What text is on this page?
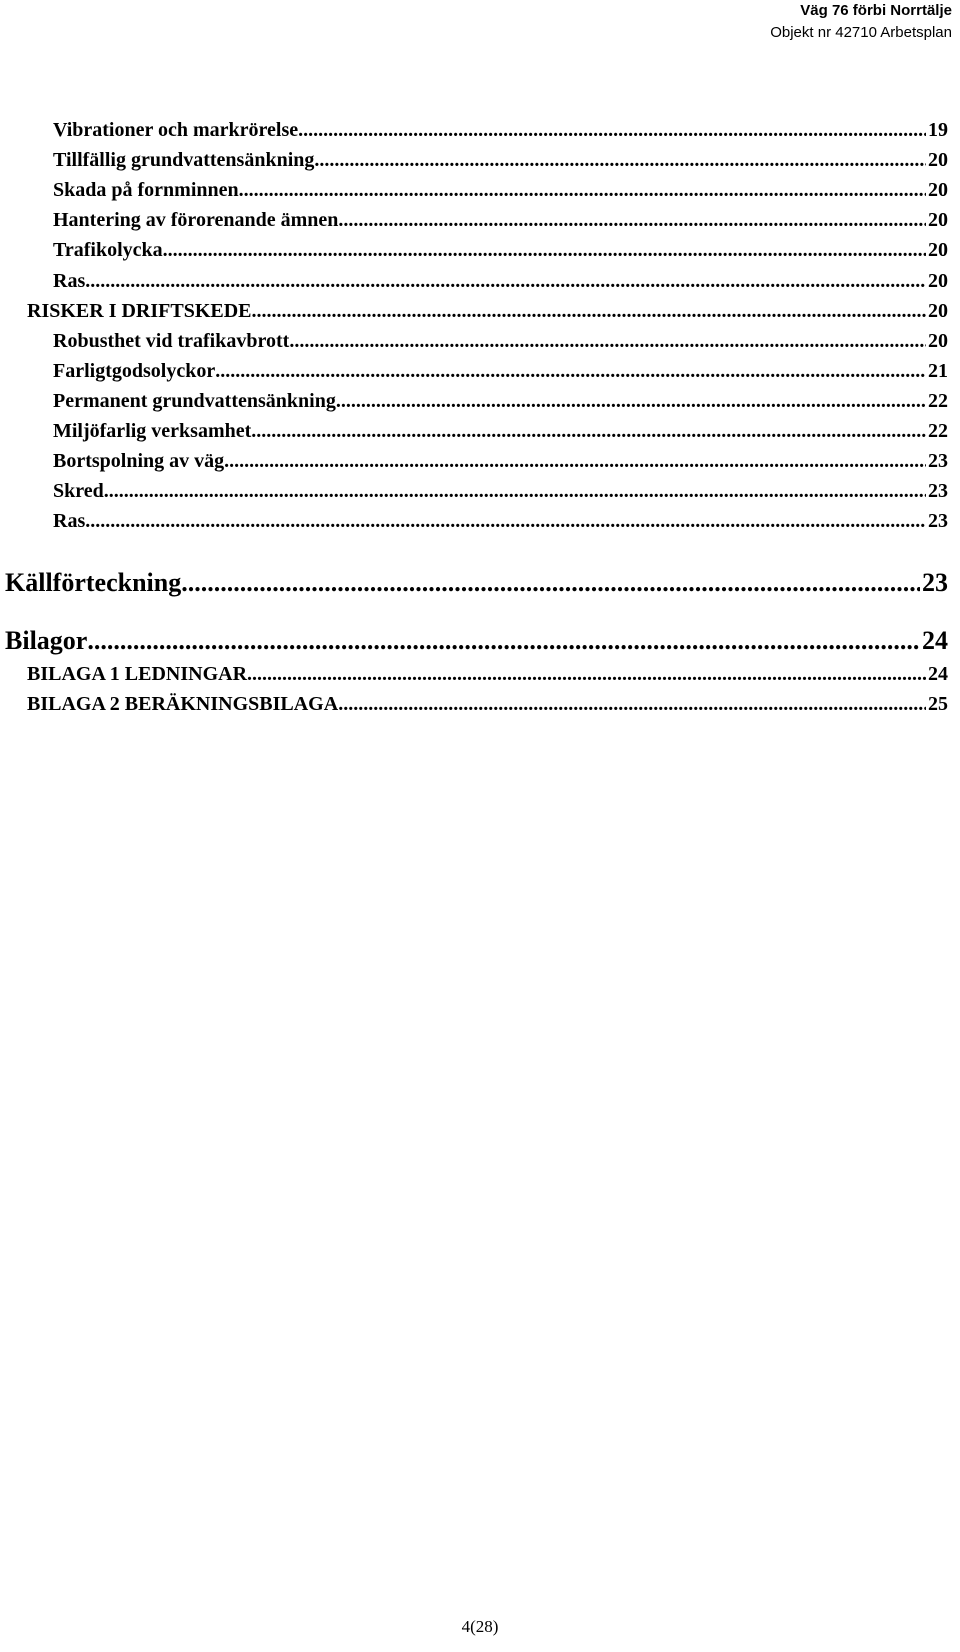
Väg 76 förbi Norrtälje
Objekt nr 42710 Arbetsplan
Vibrationer och markrörelse .....	19
Tillfällig grundvattensänkning .....	20
Skada på fornminnen .....	20
Hantering av förorenande ämnen .....	20
Trafikolycka .....	20
Ras .....	20
RISKER I DRIFTSKEDE .....	20
Robusthet vid trafikavbrott .....	20
Farligtgodsolyckor .....	21
Permanent grundvattensänkning .....	22
Miljöfarlig verksamhet .....	22
Bortspolning av väg .....	23
Skred .....	23
Ras .....	23
Källförteckning .....	23
Bilagor .....	24
BILAGA 1 LEDNINGAR .....	24
BILAGA 2 BERÄKNINGSBILAGA .....	25
4(28)
